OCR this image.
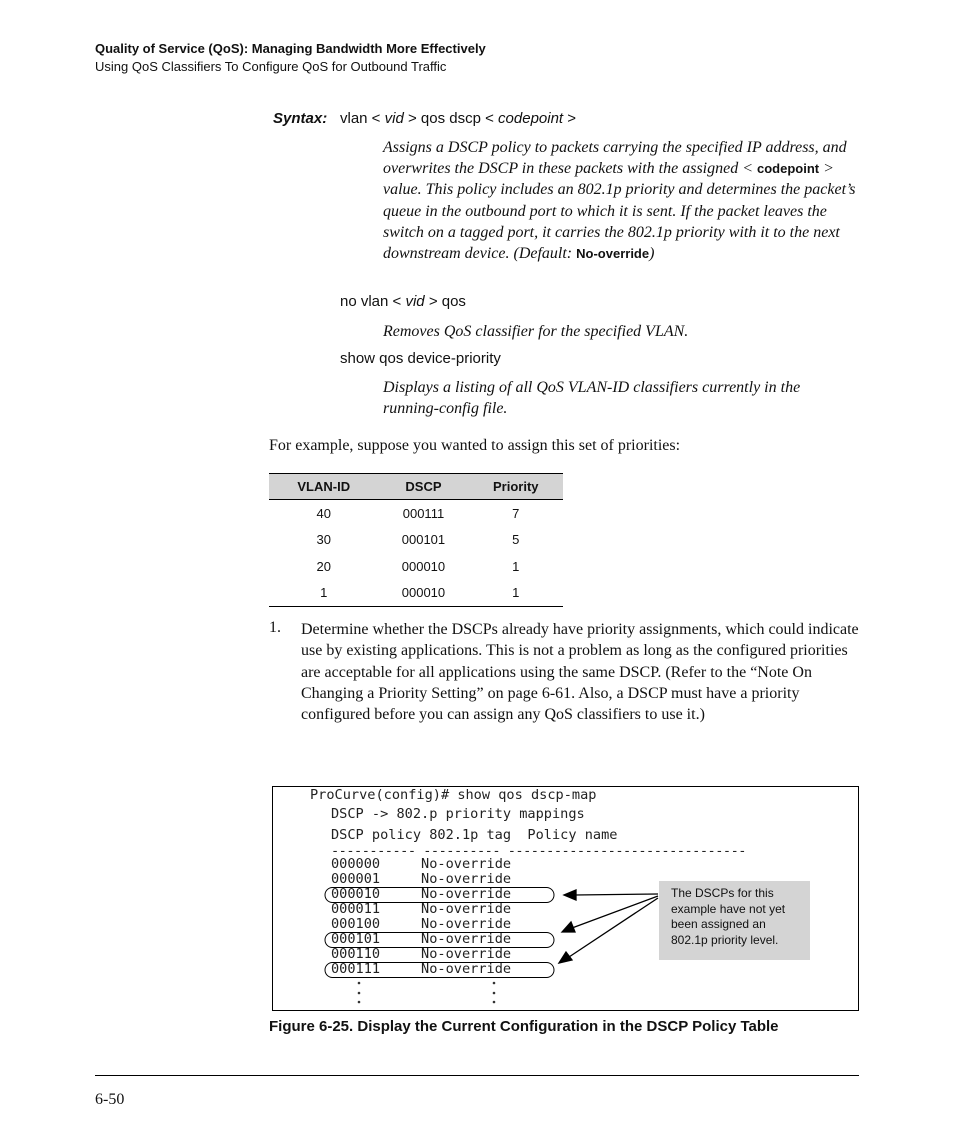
Quality of Service (QoS): Managing Bandwidth More Effectively
Using QoS Classifiers To Configure QoS for Outbound Traffic
Syntax: vlan < vid > qos dscp < codepoint >
Assigns a DSCP policy to packets carrying the specified IP address, and overwrites the DSCP in these packets with the assigned < codepoint > value. This policy includes an 802.1p priority and determines the packet’s queue in the outbound port to which it is sent. If the packet leaves the switch on a tagged port, it carries the 802.1p priority with it to the next downstream device. (Default: No-override)
no vlan < vid > qos
Removes QoS classifier for the specified VLAN.
show qos device-priority
Displays a listing of all QoS VLAN-ID classifiers currently in the running-config file.
For example, suppose you wanted to assign this set of priorities:
VLAN-ID	DSCP	Priority
40	000111	7
30	000101	5
20	000010	1
1	000010	1
1. Determine whether the DSCPs already have priority assignments, which could indicate use by existing applications. This is not a problem as long as the configured priorities are acceptable for all applications using the same DSCP. (Refer to the “Note On Changing a Priority Setting” on page 6-61. Also, a DSCP must have a priority configured before you can assign any QoS classifiers to use it.)
ProCurve(config)# show qos dscp-map
DSCP -> 802.p priority mappings
DSCP policy 802.1p tag  Policy name
----------- ---------- -------------------------------
000000	No-override
000001	No-override
000010	No-override
000011	No-override
000100	No-override
000101	No-override
000110	No-override
000111	No-override
The DSCPs for this example have not yet been assigned an 802.1p priority level.
Figure 6-25. Display the Current Configuration in the DSCP Policy Table
6-50
